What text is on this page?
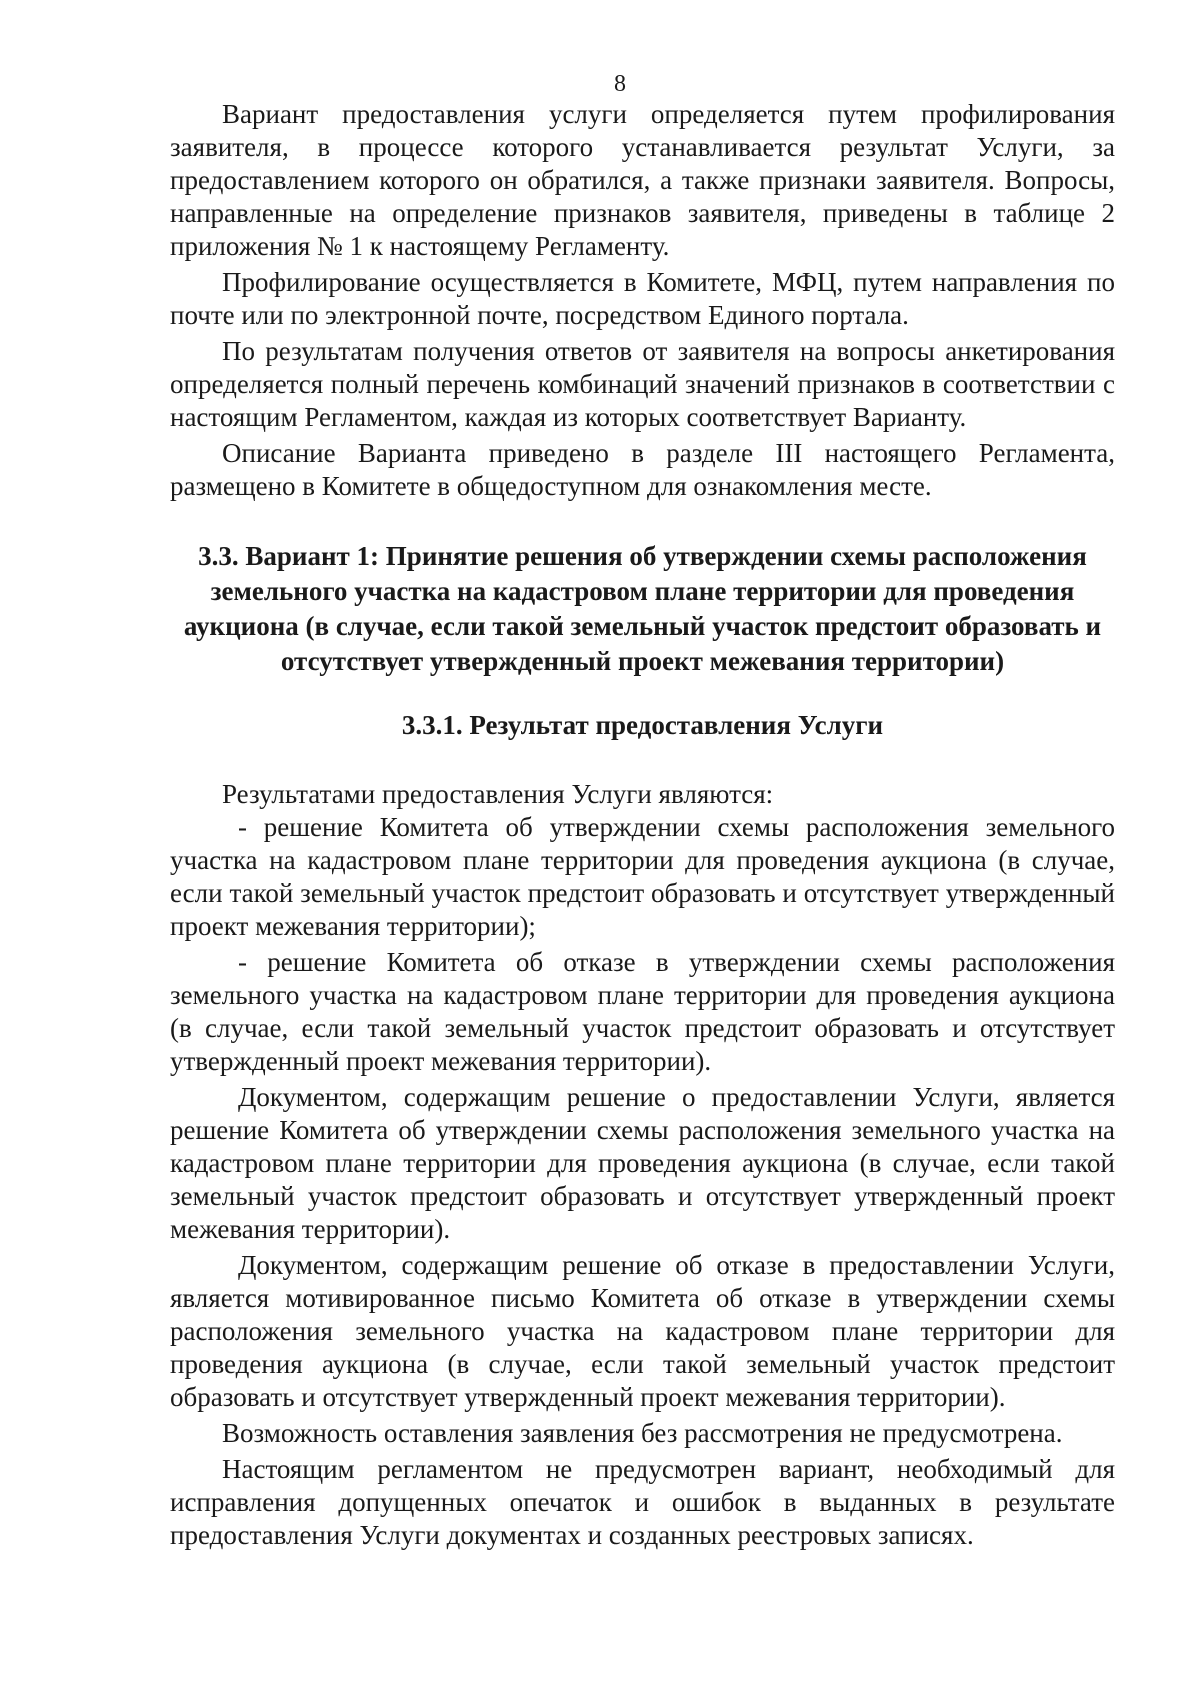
8

Вариант предоставления услуги определяется путем профилирования заявителя, в процессе которого устанавливается результат Услуги, за предоставлением которого он обратился, а также признаки заявителя. Вопросы, направленные на определение признаков заявителя, приведены в таблице 2 приложения № 1 к настоящему Регламенту.

Профилирование осуществляется в Комитете, МФЦ, путем направления по почте или по электронной почте, посредством Единого портала.

По результатам получения ответов от заявителя на вопросы анкетирования определяется полный перечень комбинаций значений признаков в соответствии с настоящим Регламентом, каждая из которых соответствует Варианту.

Описание Варианта приведено в разделе III настоящего Регламента, размещено в Комитете в общедоступном для ознакомления месте.

3.3. Вариант 1: Принятие решения об утверждении схемы расположения земельного участка на кадастровом плане территории для проведения аукциона (в случае, если такой земельный участок предстоит образовать и отсутствует утвержденный проект межевания территории)

3.3.1. Результат предоставления Услуги

Результатами предоставления Услуги являются:

- решение Комитета об утверждении схемы расположения земельного участка на кадастровом плане территории для проведения аукциона (в случае, если такой земельный участок предстоит образовать и отсутствует утвержденный проект межевания территории);

- решение Комитета об отказе в утверждении схемы расположения земельного участка на кадастровом плане территории для проведения аукциона (в случае, если такой земельный участок предстоит образовать и отсутствует утвержденный проект межевания территории).

Документом, содержащим решение о предоставлении Услуги, является решение Комитета об утверждении схемы расположения земельного участка на кадастровом плане территории для проведения аукциона (в случае, если такой земельный участок предстоит образовать и отсутствует утвержденный проект межевания территории).

Документом, содержащим решение об отказе в предоставлении Услуги, является мотивированное письмо Комитета об отказе в утверждении схемы расположения земельного участка на кадастровом плане территории для проведения аукциона (в случае, если такой земельный участок предстоит образовать и отсутствует утвержденный проект межевания территории).

Возможность оставления заявления без рассмотрения не предусмотрена.

Настоящим регламентом не предусмотрен вариант, необходимый для исправления допущенных опечаток и ошибок в выданных в результате предоставления Услуги документах и созданных реестровых записях.
